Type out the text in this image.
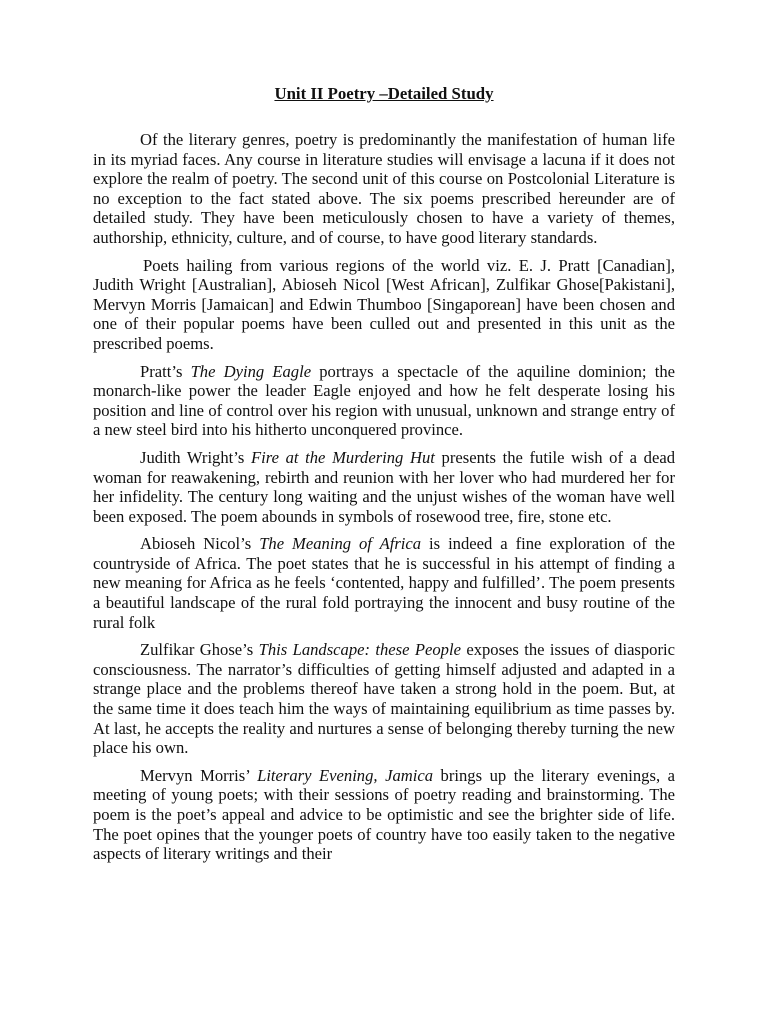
Unit II Poetry –Detailed Study

Of the literary genres, poetry is predominantly the manifestation of human life in its myriad faces. Any course in literature studies will envisage a lacuna if it does not explore the realm of poetry. The second unit of this course on Postcolonial Literature is no exception to the fact stated above. The six poems prescribed hereunder are of detailed study. They have been meticulously chosen to have a variety of themes, authorship, ethnicity, culture, and of course, to have good literary standards.

Poets hailing from various regions of the world viz. E. J. Pratt [Canadian], Judith Wright [Australian], Abioseh Nicol [West African], Zulfikar Ghose[Pakistani], Mervyn Morris [Jamaican] and Edwin Thumboo [Singaporean] have been chosen and one of their popular poems have been culled out and presented in this unit as the prescribed poems.

Pratt’s The Dying Eagle portrays a spectacle of the aquiline dominion; the monarch-like power the leader Eagle enjoyed and how he felt desperate losing his position and line of control over his region with unusual, unknown and strange entry of a new steel bird into his hitherto unconquered province.

Judith Wright’s Fire at the Murdering Hut presents the futile wish of a dead woman for reawakening, rebirth and reunion with her lover who had murdered her for her infidelity. The century long waiting and the unjust wishes of the woman have well been exposed. The poem abounds in symbols of rosewood tree, fire, stone etc.

Abioseh Nicol’s The Meaning of Africa is indeed a fine exploration of the countryside of Africa. The poet states that he is successful in his attempt of finding a new meaning for Africa as he feels ‘contented, happy and fulfilled’. The poem presents a beautiful landscape of the rural fold portraying the innocent and busy routine of the rural folk

Zulfikar Ghose’s This Landscape: these People exposes the issues of diasporic consciousness. The narrator’s difficulties of getting himself adjusted and adapted in a strange place and the problems thereof have taken a strong hold in the poem. But, at the same time it does teach him the ways of maintaining equilibrium as time passes by. At last, he accepts the reality and nurtures a sense of belonging thereby turning the new place his own.

Mervyn Morris’ Literary Evening, Jamica brings up the literary evenings, a meeting of young poets; with their sessions of poetry reading and brainstorming. The poem is the poet’s appeal and advice to be optimistic and see the brighter side of life. The poet opines that the younger poets of country have too easily taken to the negative aspects of literary writings and their
